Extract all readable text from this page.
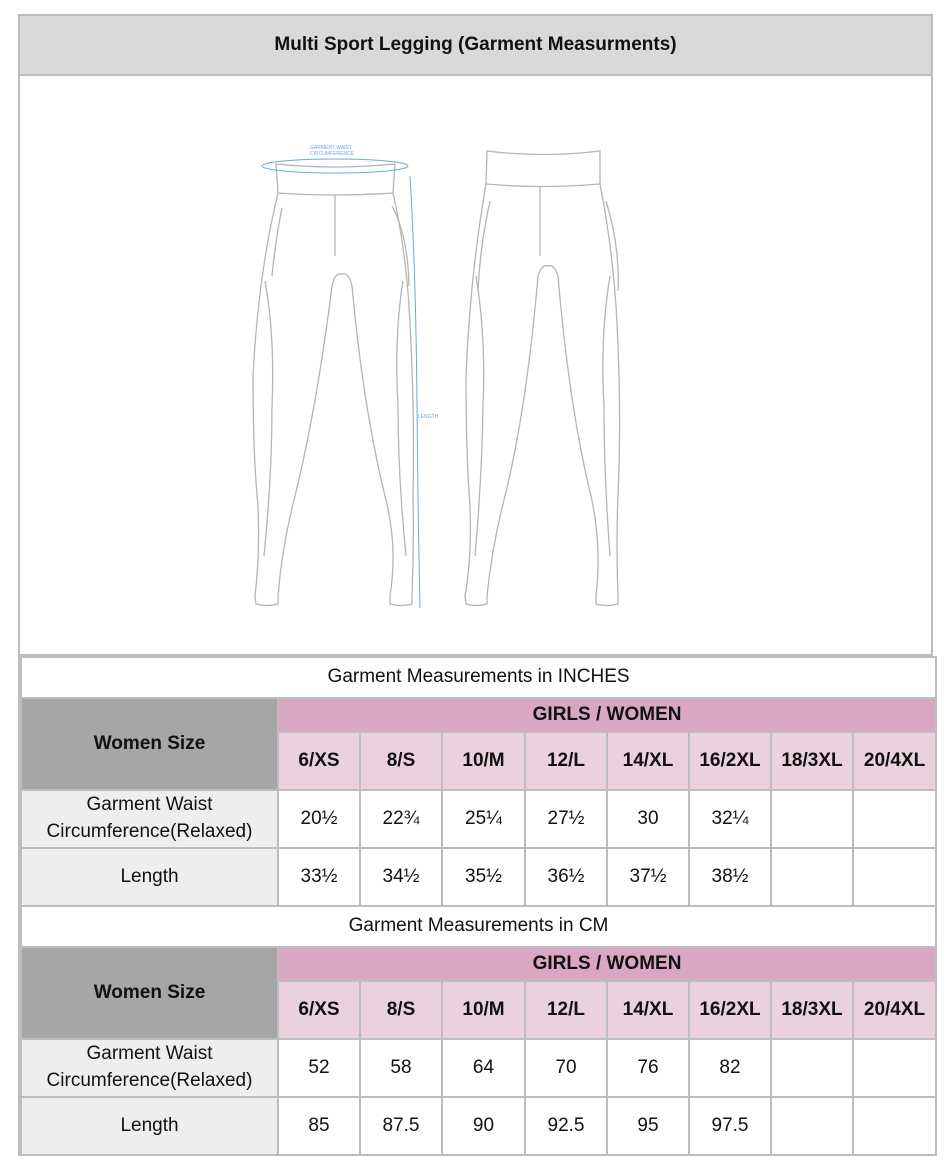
Multi Sport Legging (Garment Measurments)
GARMENT WAIST
CIRCUMFERENCE
LENGTH
Garment Measurements in INCHES								
Women Size	GIRLS / WOMEN							
	6/XS	8/S	10/M	12/L	14/XL	16/2XL	18/3XL	20/4XL
Garment Waist Circumference(Relaxed)	20½	22¾	25¼	27½	30	32¼		
Length	33½	34½	35½	36½	37½	38½		
Garment Measurements in CM								
Women Size	GIRLS / WOMEN							
	6/XS	8/S	10/M	12/L	14/XL	16/2XL	18/3XL	20/4XL
Garment Waist Circumference(Relaxed)	52	58	64	70	76	82		
Length	85	87.5	90	92.5	95	97.5		
